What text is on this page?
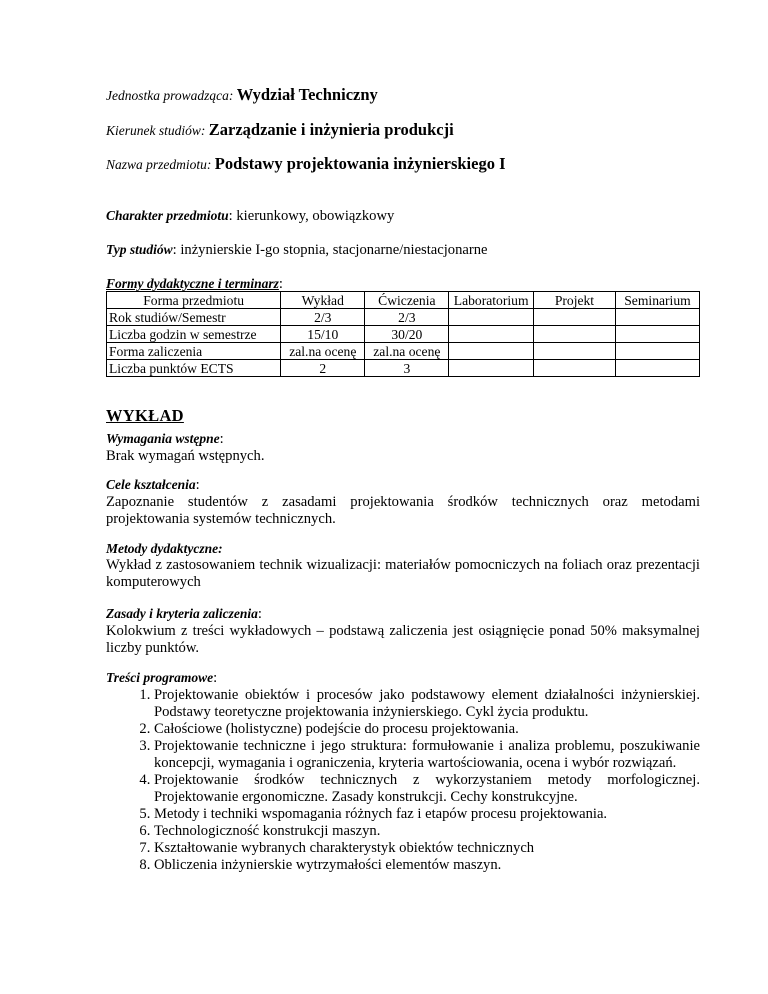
Jednostka prowadząca: Wydział Techniczny
Kierunek studiów: Zarządzanie i inżynieria produkcji
Nazwa przedmiotu: Podstawy projektowania inżynierskiego I
Charakter przedmiotu: kierunkowy, obowiązkowy
Typ studiów: inżynierskie I-go stopnia, stacjonarne/niestacjonarne
Formy dydaktyczne i terminarz:
Forma przedmiotu	Wykład	Ćwiczenia	Laboratorium	Projekt	Seminarium
Rok studiów/Semestr	2/3	2/3			
Liczba godzin w semestrze	15/10	30/20			
Forma zaliczenia	zal.na ocenę	zal.na ocenę			
Liczba punktów ECTS	2	3			
WYKŁAD
Wymagania wstępne:
Brak wymagań wstępnych.
Cele kształcenia:
Zapoznanie studentów z zasadami projektowania środków technicznych oraz metodami projektowania systemów technicznych.
Metody dydaktyczne:
Wykład z zastosowaniem technik wizualizacji: materiałów pomocniczych na foliach oraz prezentacji komputerowych
Zasady i kryteria zaliczenia:
Kolokwium z treści wykładowych – podstawą zaliczenia jest osiągnięcie ponad 50% maksymalnej liczby punktów.
Treści programowe:
1. Projektowanie obiektów i procesów jako podstawowy element działalności inżynierskiej. Podstawy teoretyczne projektowania inżynierskiego. Cykl życia produktu.
2. Całościowe (holistyczne) podejście do procesu projektowania.
3. Projektowanie techniczne i jego struktura: formułowanie i analiza problemu, poszukiwanie koncepcji, wymagania i ograniczenia, kryteria wartościowania, ocena i wybór rozwiązań.
4. Projektowanie środków technicznych z wykorzystaniem metody morfologicznej. Projektowanie ergonomiczne. Zasady konstrukcji. Cechy konstrukcyjne.
5. Metody i techniki wspomagania różnych faz i etapów procesu projektowania.
6. Technologiczność konstrukcji maszyn.
7. Kształtowanie wybranych charakterystyk obiektów technicznych
8. Obliczenia inżynierskie wytrzymałości elementów maszyn.
